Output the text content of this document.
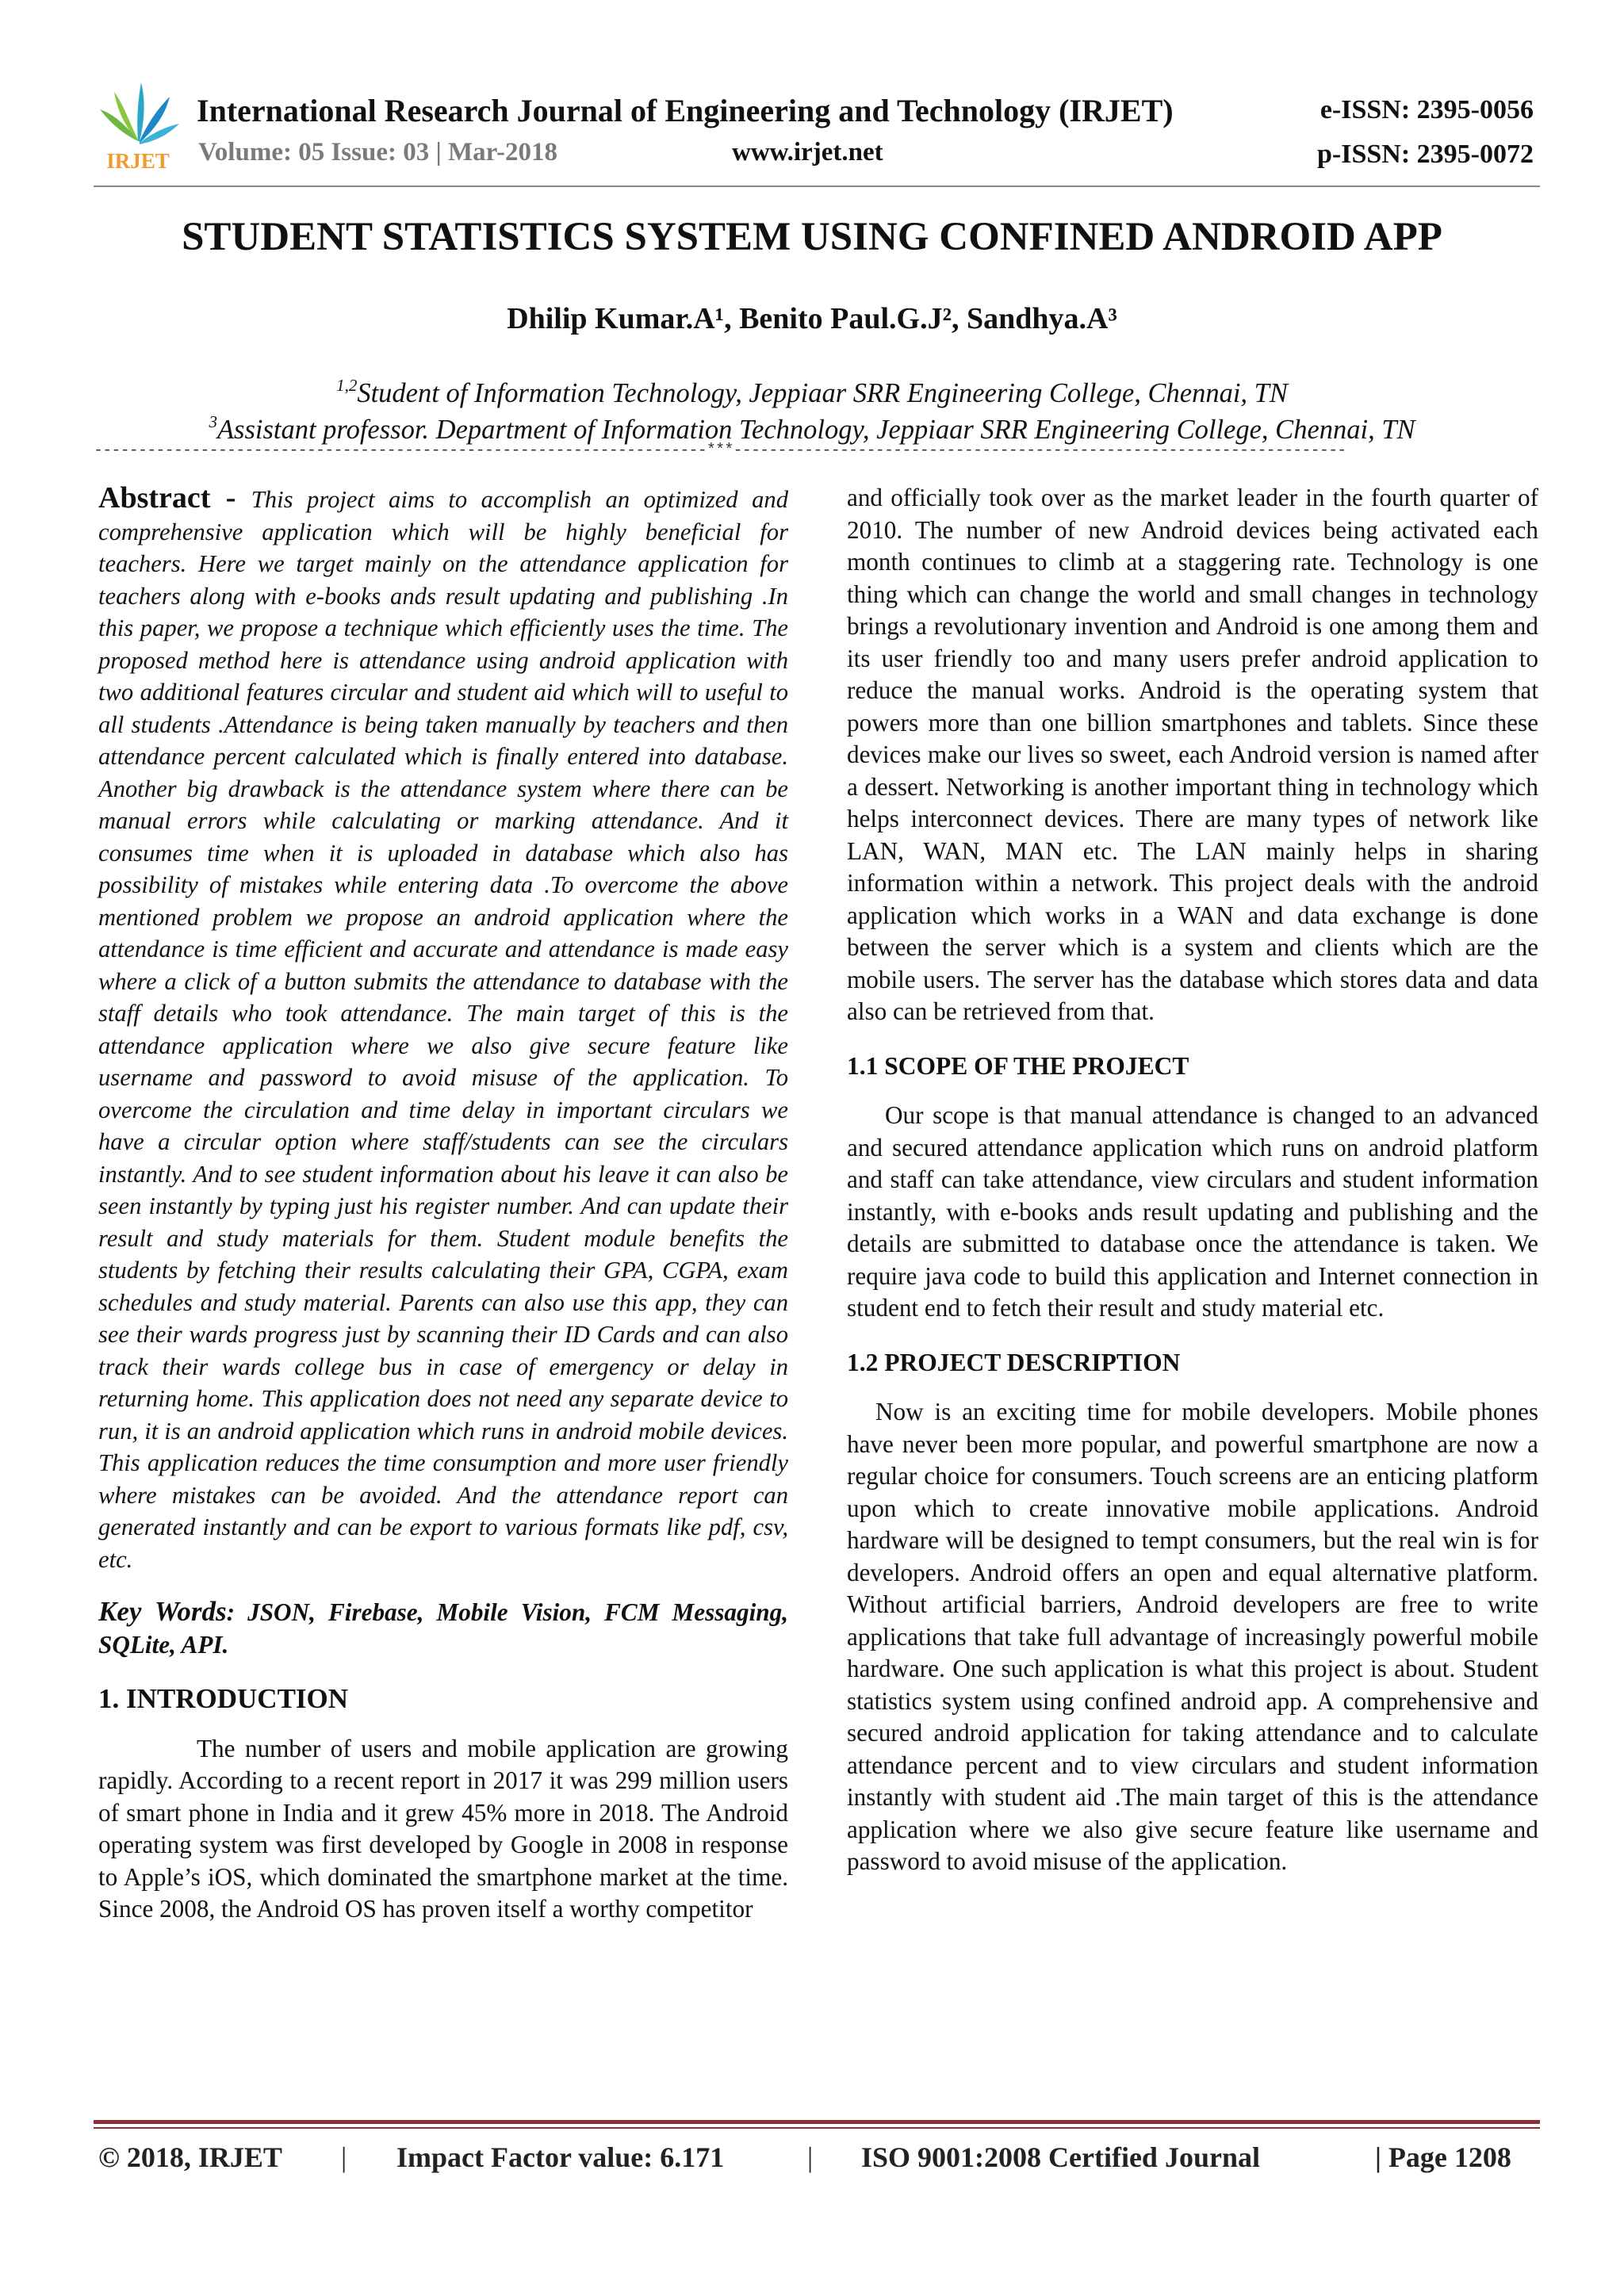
IRJET
International Research Journal of Engineering and Technology (IRJET)
Volume: 05 Issue: 03 | Mar-2018	www.irjet.net
e-ISSN: 2395-0056
p-ISSN: 2395-0072
STUDENT STATISTICS SYSTEM USING CONFINED ANDROID APP
Dhilip Kumar.A¹, Benito Paul.G.J², Sandhya.A³
$^{1,2}$Student of Information Technology, Jeppiaar SRR Engineering College, Chennai, TN
$^3$Assistant professor. Department of Information Technology, Jeppiaar SRR Engineering College, Chennai, TN
---------------------------------------------------------------------***---------------------------------------------------------------------

Abstract - This project aims to accomplish an optimized and comprehensive application which will be highly beneficial for teachers. Here we target mainly on the attendance application for teachers along with e-books ands result updating and publishing .In this paper, we propose a technique which efficiently uses the time. The proposed method here is attendance using android application with two additional features circular and student aid which will to useful to all students .Attendance is being taken manually by teachers and then attendance percent calculated which is finally entered into database. Another big drawback is the attendance system where there can be manual errors while calculating or marking attendance. And it consumes time when it is uploaded in database which also has possibility of mistakes while entering data .To overcome the above mentioned problem we propose an android application where the attendance is time efficient and accurate and attendance is made easy where a click of a button submits the attendance to database with the staff details who took attendance. The main target of this is the attendance application where we also give secure feature like username and password to avoid misuse of the application. To overcome the circulation and time delay in important circulars we have a circular option where staff/students can see the circulars instantly. And to see student information about his leave it can also be seen instantly by typing just his register number. And can update their result and study materials for them. Student module benefits the students by fetching their results calculating their GPA, CGPA, exam schedules and study material. Parents can also use this app, they can see their wards progress just by scanning their ID Cards and can also track their wards college bus in case of emergency or delay in returning home. This application does not need any separate device to run, it is an android application which runs in android mobile devices. This application reduces the time consumption and more user friendly where mistakes can be avoided. And the attendance report can generated instantly and can be export to various formats like pdf, csv, etc.

Key Words: JSON, Firebase, Mobile Vision, FCM Messaging, SQLite, API.

1. INTRODUCTION

The number of users and mobile application are growing rapidly. According to a recent report in 2017 it was 299 million users of smart phone in India and it grew 45% more in 2018. The Android operating system was first developed by Google in 2008 in response to Apple’s iOS, which dominated the smartphone market at the time. Since 2008, the Android OS has proven itself a worthy competitor

and officially took over as the market leader in the fourth quarter of 2010. The number of new Android devices being activated each month continues to climb at a staggering rate. Technology is one thing which can change the world and small changes in technology brings a revolutionary invention and Android is one among them and its user friendly too and many users prefer android application to reduce the manual works. Android is the operating system that powers more than one billion smartphones and tablets. Since these devices make our lives so sweet, each Android version is named after a dessert. Networking is another important thing in technology which helps interconnect devices. There are many types of network like LAN, WAN, MAN etc. The LAN mainly helps in sharing information within a network. This project deals with the android application which works in a WAN and data exchange is done between the server which is a system and clients which are the mobile users. The server has the database which stores data and data also can be retrieved from that.

1.1 SCOPE OF THE PROJECT

Our scope is that manual attendance is changed to an advanced and secured attendance application which runs on android platform and staff can take attendance, view circulars and student information instantly, with e-books ands result updating and publishing and the details are submitted to database once the attendance is taken. We require java code to build this application and Internet connection in student end to fetch their result and study material etc.

1.2 PROJECT DESCRIPTION

Now is an exciting time for mobile developers. Mobile phones have never been more popular, and powerful smartphone are now a regular choice for consumers. Touch screens are an enticing platform upon which to create innovative mobile applications. Android hardware will be designed to tempt consumers, but the real win is for developers. Android offers an open and equal alternative platform. Without artificial barriers, Android developers are free to write applications that take full advantage of increasingly powerful mobile hardware. One such application is what this project is about. Student statistics system using confined android app. A comprehensive and secured android application for taking attendance and to calculate attendance percent and to view circulars and student information instantly with student aid .The main target of this is the attendance application where we also give secure feature like username and password to avoid misuse of the application.

© 2018, IRJET | Impact Factor value: 6.171	| ISO 9001:2008 Certified Journal	| Page 1208
